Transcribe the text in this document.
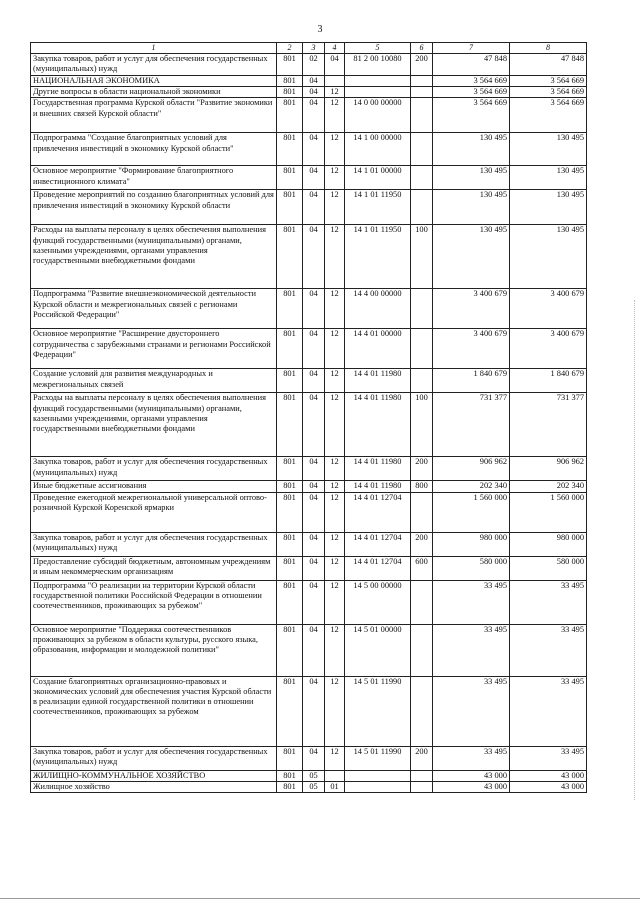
3
1	2	3	4	5	6	7	8
Закупка товаров, работ и услуг для обеспечения государственных (муниципальных) нужд	801	02	04	81 2 00 10080	200	47 848	47 848
НАЦИОНАЛЬНАЯ ЭКОНОМИКА	801	04				3 564 669	3 564 669
Другие вопросы в области национальной экономики	801	04	12			3 564 669	3 564 669
Государственная программа Курской области "Развитие экономики и внешних связей Курской области"	801	04	12	14 0 00 00000		3 564 669	3 564 669
Подпрограмма "Создание благоприятных условий для привлечения инвестиций в экономику Курской области"	801	04	12	14 1 00 00000		130 495	130 495
Основное мероприятие "Формирование благоприятного инвестиционного климата"	801	04	12	14 1 01 00000		130 495	130 495
Проведение мероприятий по созданию благоприятных условий для привлечения инвестиций в экономику Курской области	801	04	12	14 1 01 11950		130 495	130 495
Расходы на выплаты персоналу в целях обеспечения выполнения функций государственными (муниципальными) органами, казенными учреждениями, органами управления государственными внебюджетными фондами	801	04	12	14 1 01 11950	100	130 495	130 495
Подпрограмма "Развитие внешнеэкономической деятельности Курской области и межрегиональных связей с регионами Российской Федерации"	801	04	12	14 4 00 00000		3 400 679	3 400 679
Основное мероприятие "Расширение двустороннего сотрудничества с зарубежными странами и регионами Российской Федерации"	801	04	12	14 4 01 00000		3 400 679	3 400 679
Создание условий для развития международных и межрегиональных связей	801	04	12	14 4 01 11980		1 840 679	1 840 679
Расходы на выплаты персоналу в целях обеспечения выполнения функций государственными (муниципальными) органами, казенными учреждениями, органами управления государственными внебюджетными фондами	801	04	12	14 4 01 11980	100	731 377	731 377
Закупка товаров, работ и услуг для обеспечения государственных (муниципальных) нужд	801	04	12	14 4 01 11980	200	906 962	906 962
Иные бюджетные ассигнования	801	04	12	14 4 01 11980	800	202 340	202 340
Проведение ежегодной межрегиональной универсальной оптово-розничной Курской Коренской ярмарки	801	04	12	14 4 01 12704		1 560 000	1 560 000
Закупка товаров, работ и услуг для обеспечения государственных (муниципальных) нужд	801	04	12	14 4 01 12704	200	980 000	980 000
Предоставление субсидий бюджетным, автономным учреждениям и иным некоммерческим организациям	801	04	12	14 4 01 12704	600	580 000	580 000
Подпрограмма "О реализации на территории Курской области государственной политики Российской Федерации в отношении соотечественников, проживающих за рубежом"	801	04	12	14 5 00 00000		33 495	33 495
Основное мероприятие "Поддержка соотечественников проживающих за рубежом в области культуры, русского языка, образования, информации и молодежной политики"	801	04	12	14 5 01 00000		33 495	33 495
Создание благоприятных организационно-правовых и экономических условий для обеспечения участия Курской области в реализации единой государственной политики в отношении соотечественников, проживающих за рубежом	801	04	12	14 5 01 11990		33 495	33 495
Закупка товаров, работ и услуг для обеспечения государственных (муниципальных) нужд	801	04	12	14 5 01 11990	200	33 495	33 495
ЖИЛИЩНО-КОММУНАЛЬНОЕ ХОЗЯЙСТВО	801	05				43 000	43 000
Жилищное хозяйство	801	05	01			43 000	43 000
